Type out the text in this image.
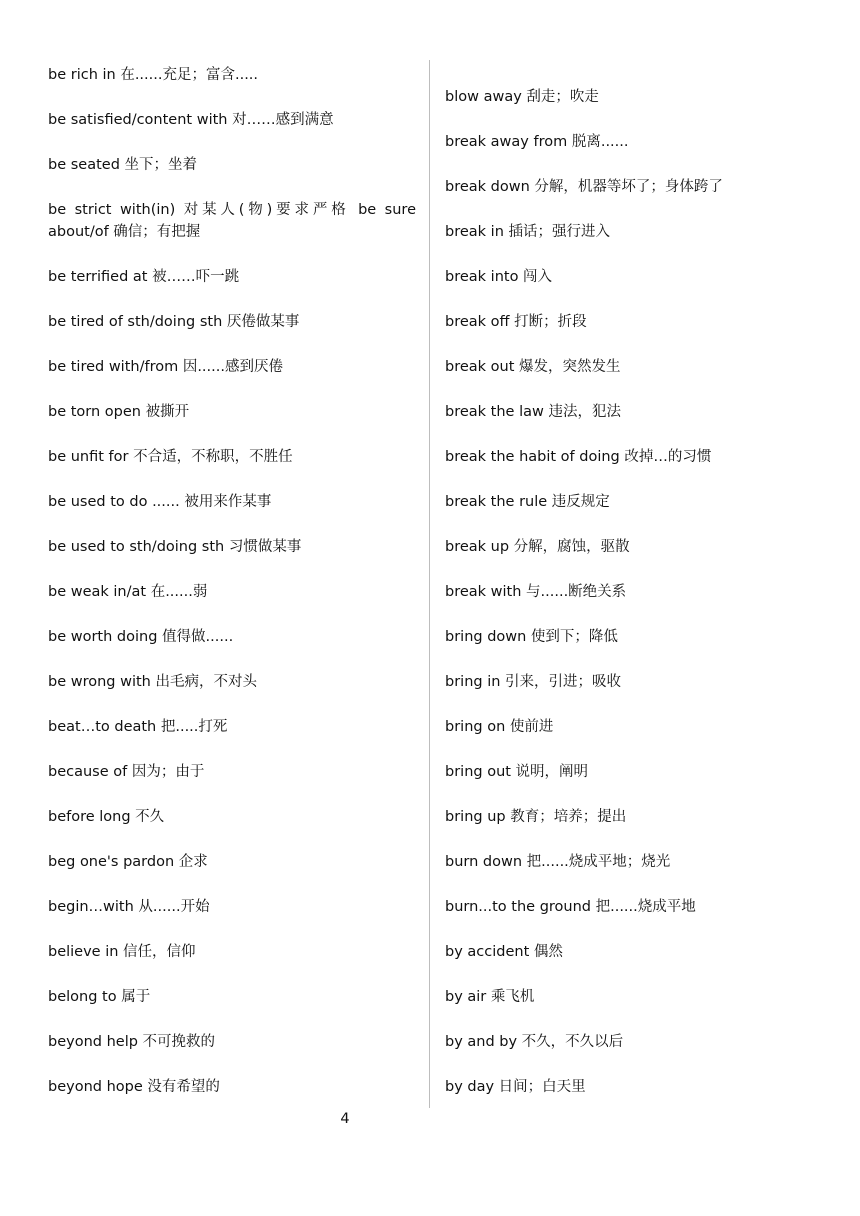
be rich in 在......充足；富含.....
be satisfied/content with 对……感到满意
be seated 坐下；坐着
be strict with(in) 对某人(物)要求严格 be sure about/of 确信；有把握
be terrified at 被……吓一跳
be tired of sth/doing sth 厌倦做某事
be tired with/from 因......感到厌倦
be torn open 被撕开
be unfit for 不合适，不称职，不胜任
be used to do ...... 被用来作某事
be used to sth/doing sth 习惯做某事
be weak in/at 在......弱
be worth doing 值得做......
be wrong with 出毛病，不对头
beat…to death 把.....打死
because of 因为；由于
before long 不久
beg one's pardon 企求
begin…with 从......开始
believe in 信任，信仰
belong to 属于
beyond help 不可挽救的
beyond hope 没有希望的
blow away 刮走；吹走
break away from 脱离......
break down 分解，机器等坏了；身体跨了
break in 插话；强行进入
break into 闯入
break off 打断；折段
break out 爆发，突然发生
break the law 违法，犯法
break the habit of doing 改掉…的习惯
break the rule 违反规定
break up 分解，腐蚀，驱散
break with 与......断绝关系
bring down 使到下；降低
bring in 引来，引进；吸收
bring on 使前进
bring out 说明，阐明
bring up 教育；培养；提出
burn down 把......烧成平地；烧光
burn...to the ground 把......烧成平地
by accident 偶然
by air 乘飞机
by and by 不久，不久以后
by day 日间；白天里
4
